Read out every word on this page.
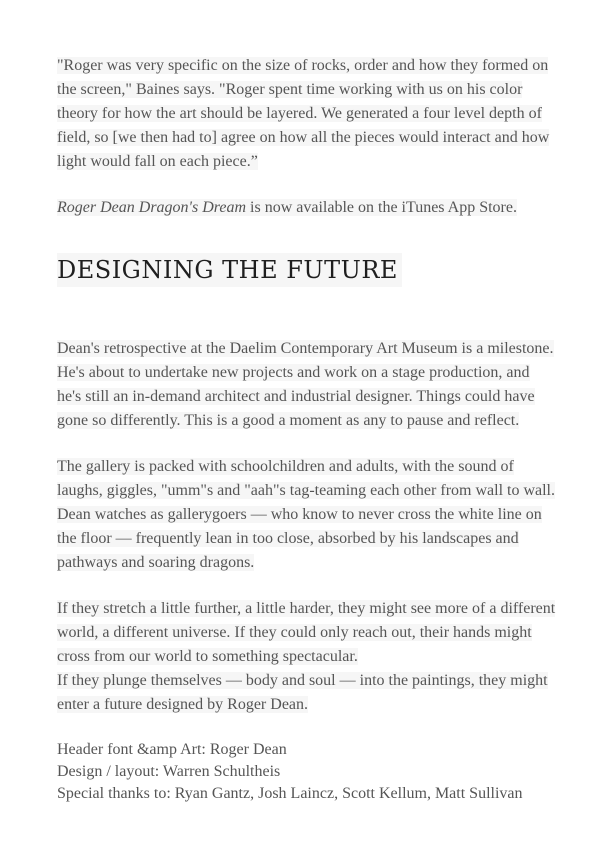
"Roger was very specific on the size of rocks, order and how they formed on the screen," Baines says. "Roger spent time working with us on his color theory for how the art should be layered. We generated a four level depth of field, so [we then had to] agree on how all the pieces would interact and how light would fall on each piece.”

Roger Dean Dragon's Dream is now available on the iTunes App Store.

DESIGNING THE FUTURE

Dean's retrospective at the Daelim Contemporary Art Museum is a milestone. He's about to undertake new projects and work on a stage production, and he's still an in-demand architect and industrial designer. Things could have gone so differently. This is a good a moment as any to pause and reflect.

The gallery is packed with schoolchildren and adults, with the sound of laughs, giggles, "umm"s and "aah"s tag-teaming each other from wall to wall. Dean watches as gallerygoers — who know to never cross the white line on the floor — frequently lean in too close, absorbed by his landscapes and pathways and soaring dragons.

If they stretch a little further, a little harder, they might see more of a different world, a different universe. If they could only reach out, their hands might cross from our world to something spectacular.

If they plunge themselves — body and soul — into the paintings, they might enter a future designed by Roger Dean.

Header font &amp Art: Roger Dean
Design / layout: Warren Schultheis
Special thanks to: Ryan Gantz, Josh Laincz, Scott Kellum, Matt Sullivan
